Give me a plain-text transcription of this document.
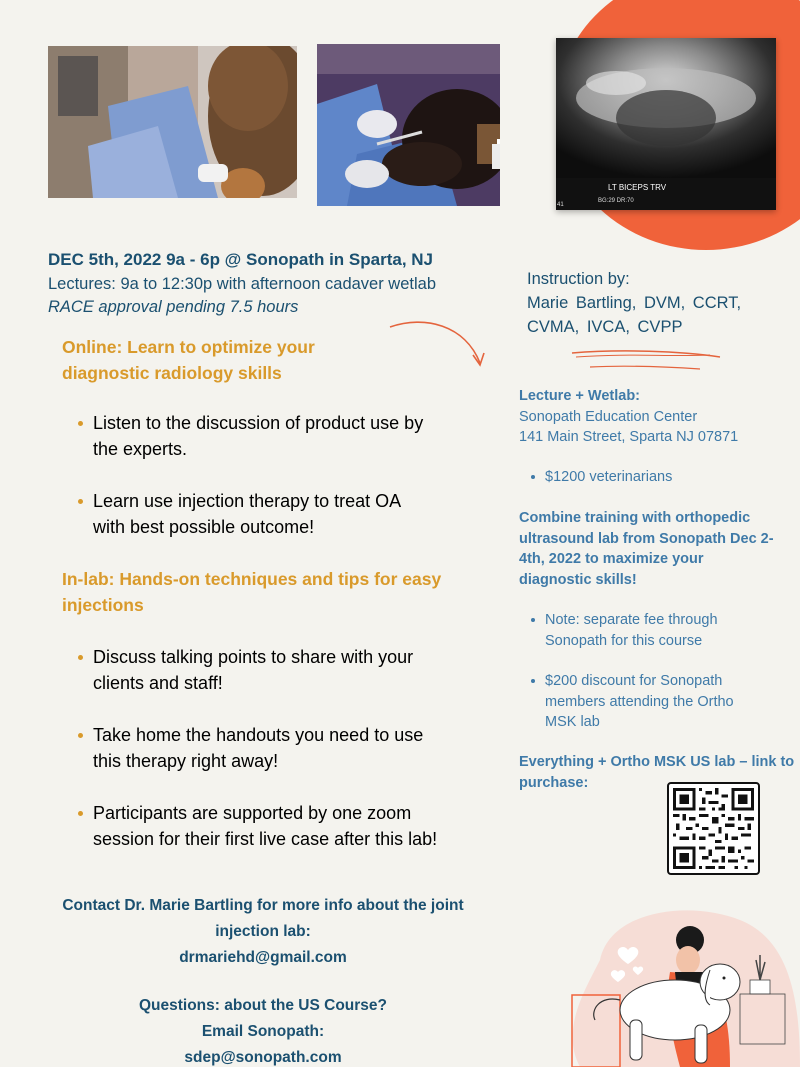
LT BICEPS TRV
BG:29 DR:70
41
DEC 5th, 2022 9a - 6p @ Sonopath in Sparta, NJ
Lectures: 9a to 12:30p with afternoon cadaver wetlab
RACE approval pending 7.5 hours
Online: Learn to optimize your diagnostic radiology skills
Listen to the discussion of product use by the experts.
Learn use injection therapy to treat OA with best possible outcome!
In-lab: Hands-on techniques and tips for easy injections
Discuss talking points to share with your clients and staff!
Take home the handouts you need to use this therapy right away!
Participants are supported by one zoom session for their first live case after this lab!
Contact Dr. Marie Bartling for more info about the joint injection lab:
drmariehd@gmail.com
Questions: about the US Course?
Email Sonopath:
sdep@sonopath.com
Instruction by:
Marie Bartling, DVM, CCRT, CVMA, IVCA, CVPP
Lecture + Wetlab:
Sonopath Education Center
141 Main Street, Sparta NJ 07871
$1200 veterinarians
Combine training with orthopedic ultrasound lab from Sonopath Dec 2-4th, 2022 to maximize your diagnostic skills!
Note: separate fee through Sonopath for this course
$200 discount for Sonopath members attending the Ortho MSK lab
Everything + Ortho MSK US lab – link to purchase:
